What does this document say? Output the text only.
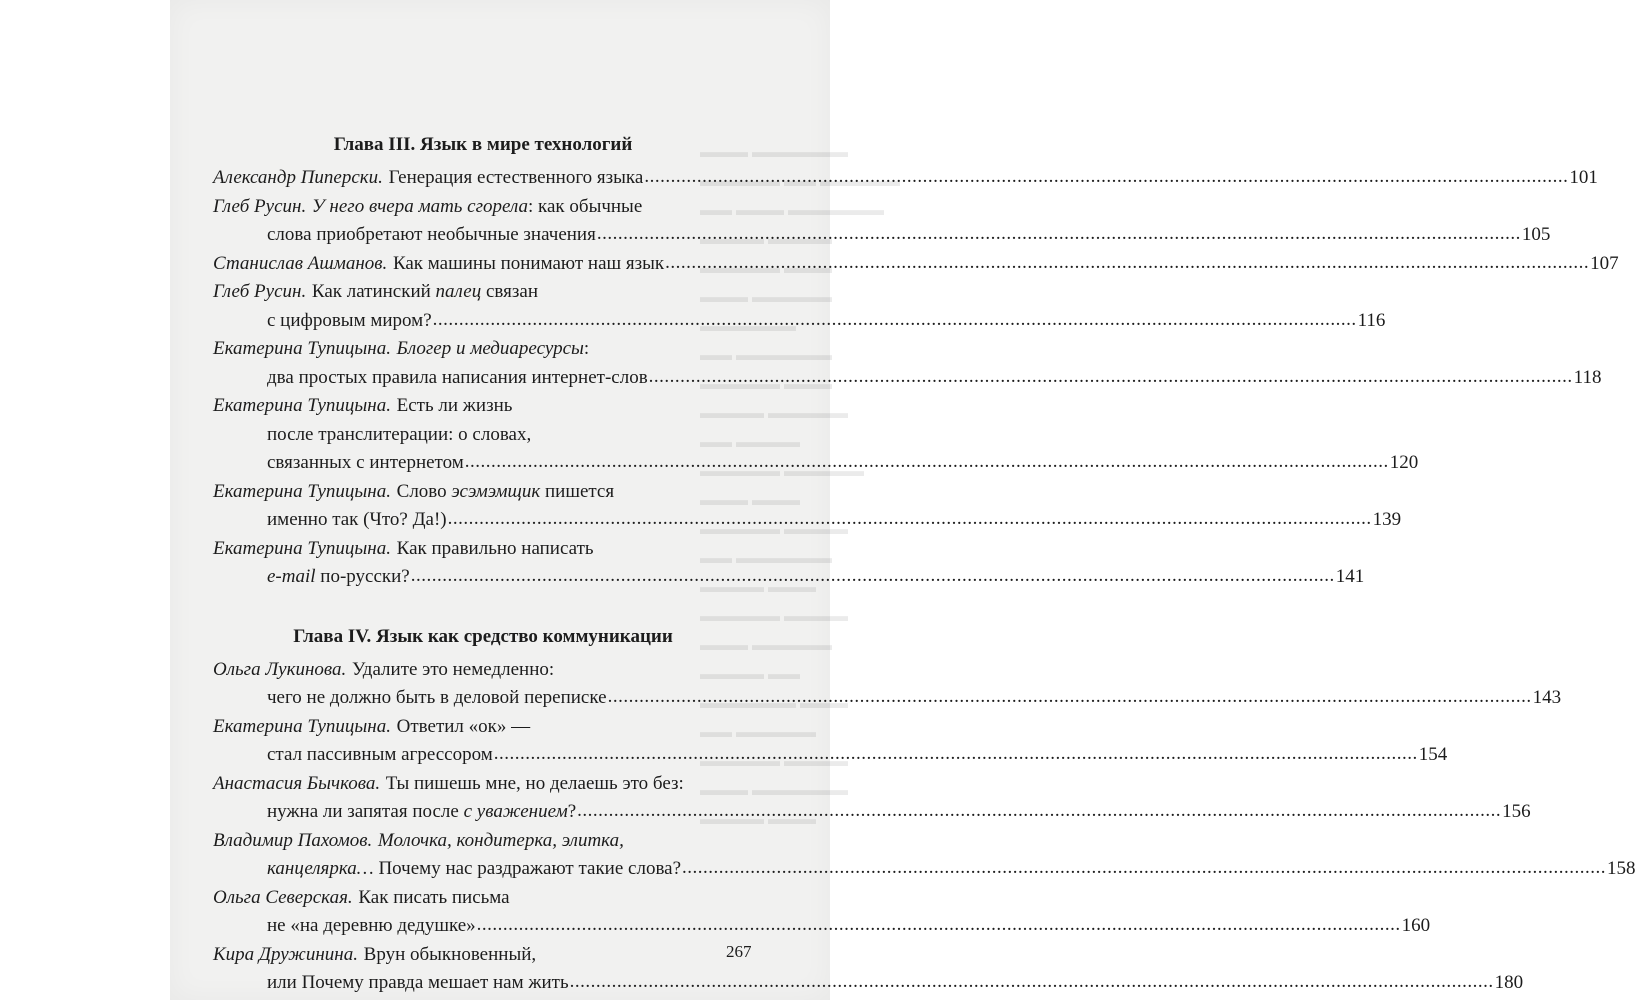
▬▬▬ ▬▬▬▬▬▬
▬▬▬▬▬ ▬▬ ▬▬▬▬▬
▬▬ ▬▬▬ ▬▬▬▬▬▬
▬▬▬▬ ▬▬▬▬
▬▬▬▬▬ ▬▬▬
▬▬▬ ▬▬▬▬▬
▬▬▬▬▬▬
▬▬ ▬▬▬▬▬▬
▬▬▬▬▬ ▬▬▬
▬▬▬▬ ▬▬▬▬▬
▬▬ ▬▬▬▬
▬▬▬▬▬ ▬▬▬▬▬
▬▬▬ ▬▬▬
▬▬▬▬▬ ▬▬▬▬
▬▬ ▬▬▬▬▬▬
▬▬▬▬ ▬▬▬
▬▬▬▬▬ ▬▬▬▬
▬▬▬ ▬▬▬▬▬
▬▬▬▬ ▬▬
▬▬▬▬▬▬ ▬▬▬
▬▬ ▬▬▬▬▬
▬▬▬▬▬ ▬▬▬▬
▬▬▬ ▬▬▬▬▬▬
▬▬▬▬ ▬▬▬
Глава III. Язык в мире технологий
Александр Пиперски. Генерация естественного языка .....	101
Глеб Русин. У него вчера мать сгорела: как обычные
слова приобретают необычные значения .....	105
Станислав Ашманов. Как машины понимают наш язык .....	107
Глеб Русин. Как латинский палец связан
с цифровым миром? .....	116
Екатерина Тупицына. Блогер и медиаресурсы:
два простых правила написания интернет-слов .....	118
Екатерина Тупицына. Есть ли жизнь
после транслитерации: о словах,
связанных с интернетом .....	120
Екатерина Тупицына. Слово эсэмэмщик пишется
именно так (Что? Да!) .....	139
Екатерина Тупицына. Как правильно написать
e-mail по-русски? .....	141
Глава IV. Язык как средство коммуникации
Ольга Лукинова. Удалите это немедленно:
чего не должно быть в деловой переписке .....	143
Екатерина Тупицына. Ответил «ок» —
стал пассивным агрессором .....	154
Анастасия Бычкова. Ты пишешь мне, но делаешь это без:
нужна ли запятая после с уважением? .....	156
Владимир Пахомов. Молочка, кондитерка, элитка,
канцелярка… Почему нас раздражают такие слова? .....	158
Ольга Северская. Как писать письма
не «на деревню дедушке» .....	160
Кира Дружинина. Врун обыкновенный,
или Почему правда мешает нам жить .....	180
267
